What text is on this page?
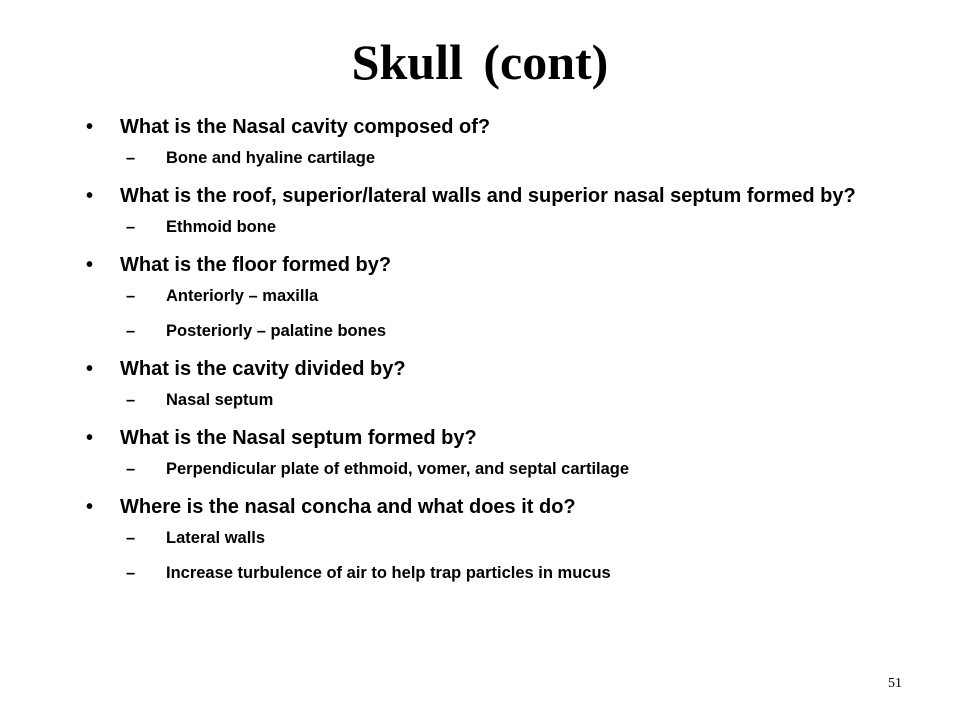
Skull (cont)
• What is the Nasal cavity composed of?
– Bone and hyaline cartilage
• What is the roof, superior/lateral walls and superior nasal septum formed by?
– Ethmoid bone
• What is the floor formed by?
– Anteriorly – maxilla
– Posteriorly – palatine bones
• What is the cavity divided by?
– Nasal septum
• What is the Nasal septum formed by?
– Perpendicular plate of ethmoid, vomer, and septal cartilage
• Where is the nasal concha and what does it do?
– Lateral walls
– Increase turbulence of air to help trap particles in mucus
51
